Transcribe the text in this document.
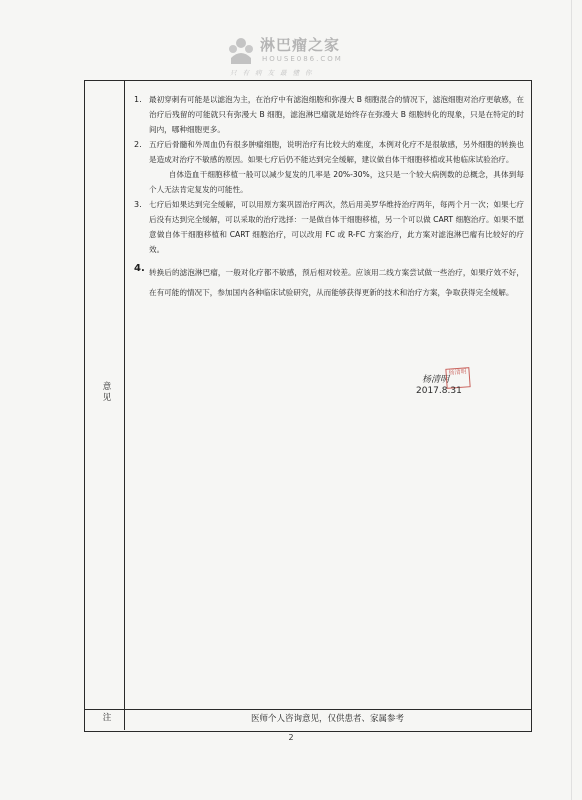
淋巴瘤之家
HOUSE086.COM
只有病友最懂你
意见
注
1. 最初穿刺有可能是以滤泡为主，在治疗中有滤泡细胞和弥漫大 B 细胞混合的情况下，滤泡细胞对治疗更敏感，在治疗后残留的可能就只有弥漫大 B 细胞，滤泡淋巴瘤就是始终存在弥漫大 B 细胞转化的现象，只是在特定的时间内，哪种细胞更多。

2. 五疗后骨髓和外周血仍有很多肿瘤细胞，说明治疗有比较大的难度，本例对化疗不是很敏感，另外细胞的转换也是造成对治疗不敏感的原因。如果七疗后仍不能达到完全缓解，建议做自体干细胞移植或其他临床试验治疗。

自体造血干细胞移植一般可以减少复发的几率是 20%-30%，这只是一个较大病例数的总概念，具体到每个人无法肯定复发的可能性。

3. 七疗后如果达到完全缓解，可以用原方案巩固治疗两次，然后用美罗华维持治疗两年，每两个月一次；如果七疗后没有达到完全缓解，可以采取的治疗选择：一是做自体干细胞移植，另一个可以做 CART 细胞治疗。如果不愿意做自体干细胞移植和 CART 细胞治疗，可以改用 FC 或 R-FC 方案治疗，此方案对滤泡淋巴瘤有比较好的疗效。

4. 转换后的滤泡淋巴瘤，一般对化疗都不敏感，预后相对较差。应该用二线方案尝试做一些治疗，如果疗效不好，在有可能的情况下，参加国内各种临床试验研究，从而能够获得更新的技术和治疗方案，争取获得完全缓解。

杨清明
杨清明
2017.8.31
医师个人咨询意见，仅供患者、家属参考
2
